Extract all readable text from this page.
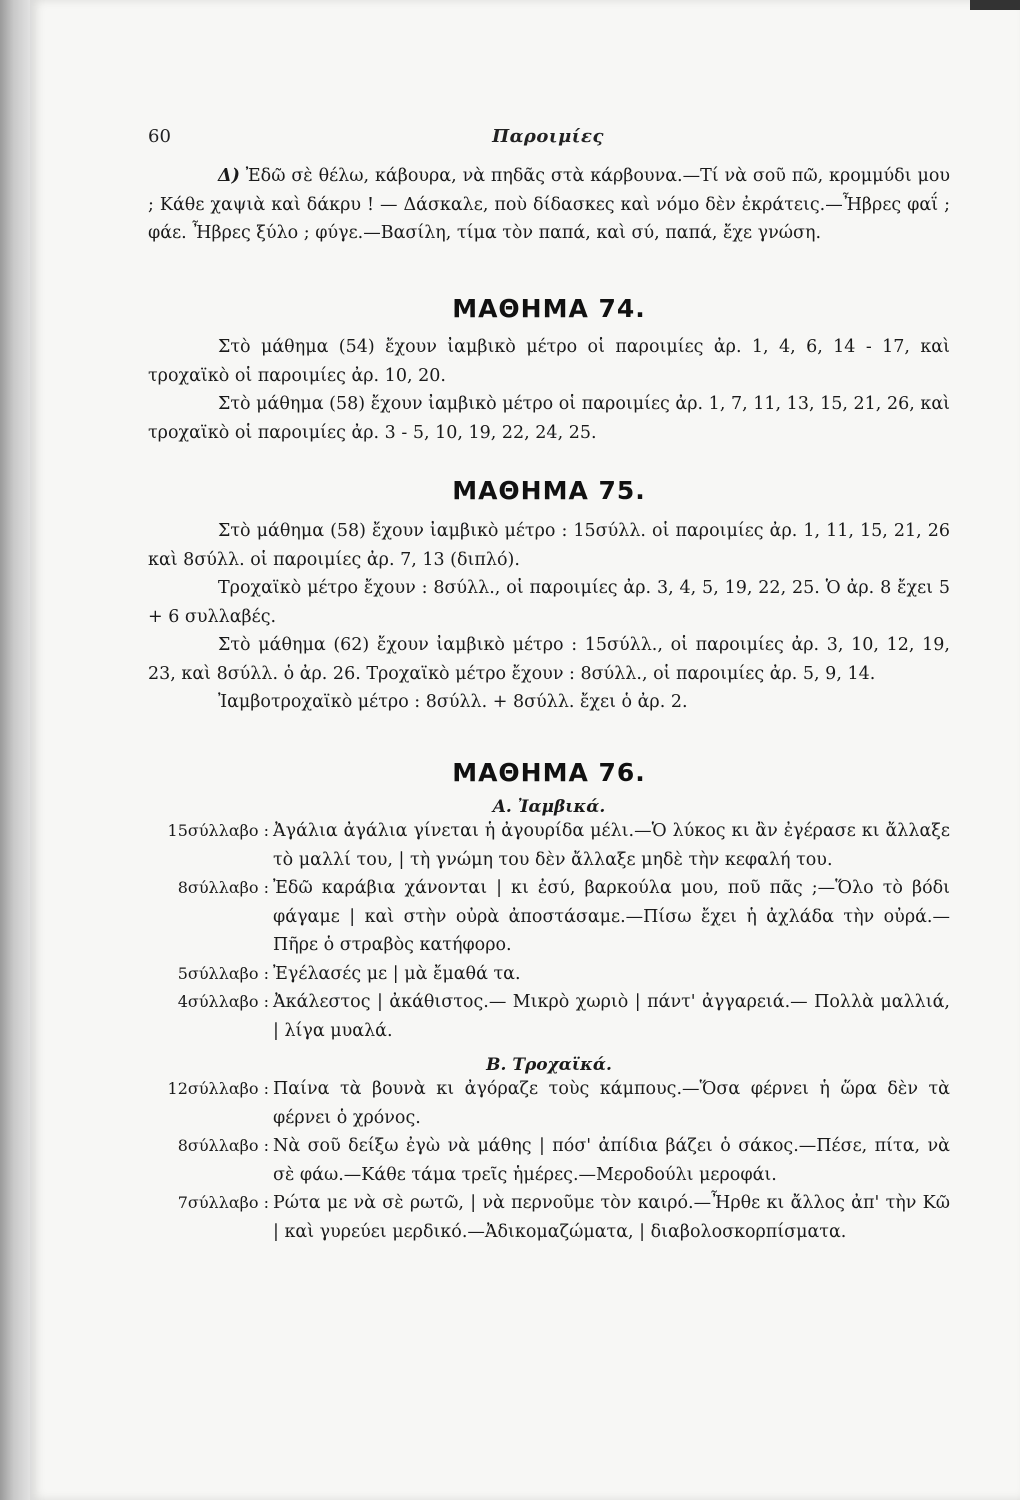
60	Παροιμίες

Δ) Ἐδῶ σὲ θέλω, κάβουρα, νὰ πηδᾶς στὰ κάρβουνα.—Τί νὰ σοῦ πῶ, κρομμύδι μου ; Κάθε χαψιὰ καὶ δάκρυ ! — Δάσκαλε, ποὺ δίδασκες καὶ νόμο δὲν ἐκράτεις.—Ἦβρες φαΐ ; φάε. Ἦβρες ξύλο ; φύγε.—Βασίλη, τίμα τὸν παπά, καὶ σύ, παπά, ἔχε γνώση.

ΜΑΘΗΜΑ 74.

Στὸ μάθημα (54) ἔχουν ἰαμβικὸ μέτρο οἱ παροιμίες ἀρ. 1, 4, 6, 14 - 17, καὶ τροχαϊκὸ οἱ παροιμίες ἀρ. 10, 20.

Στὸ μάθημα (58) ἔχουν ἰαμβικὸ μέτρο οἱ παροιμίες ἀρ. 1, 7, 11, 13, 15, 21, 26, καὶ τροχαϊκὸ οἱ παροιμίες ἀρ. 3 - 5, 10, 19, 22, 24, 25.

ΜΑΘΗΜΑ 75.

Στὸ μάθημα (58) ἔχουν ἰαμβικὸ μέτρο : 15σύλλ. οἱ παροιμίες ἀρ. 1, 11, 15, 21, 26 καὶ 8σύλλ. οἱ παροιμίες ἀρ. 7, 13 (διπλό).

Τροχαϊκὸ μέτρο ἔχουν : 8σύλλ., οἱ παροιμίες ἀρ. 3, 4, 5, 19, 22, 25. Ὁ ἀρ. 8 ἔχει 5 + 6 συλλαβές.

Στὸ μάθημα (62) ἔχουν ἰαμβικὸ μέτρο : 15σύλλ., οἱ παροιμίες ἀρ. 3, 10, 12, 19, 23, καὶ 8σύλλ. ὁ ἀρ. 26. Τροχαϊκὸ μέτρο ἔχουν : 8σύλλ., οἱ παροιμίες ἀρ. 5, 9, 14.

Ἰαμβοτροχαϊκὸ μέτρο : 8σύλλ. + 8σύλλ. ἔχει ὁ ἀρ. 2.

ΜΑΘΗΜΑ 76.

Α. Ἰαμβικά.

15σύλλαβο : Ἀγάλια ἀγάλια γίνεται ἡ ἀγουρίδα μέλι.—Ὁ λύκος κι ἂν ἐγέρασε κι ἄλλαξε τὸ μαλλί του, | τὴ γνώμη του δὲν ἄλλαξε μηδὲ τὴν κεφαλή του.
8σύλλαβο : Ἐδῶ καράβια χάνονται | κι ἐσύ, βαρκούλα μου, ποῦ πᾶς ;—Ὅλο τὸ βόδι φάγαμε | καὶ στὴν οὐρὰ ἀποστάσαμε.—Πίσω ἔχει ἡ ἀχλάδα τὴν οὐρά.—Πῆρε ὁ στραβὸς κατήφορο.
5σύλλαβο : Ἐγέλασές με | μὰ ἔμαθά τα.
4σύλλαβο : Ἀκάλεστος | ἀκάθιστος.— Μικρὸ χωριὸ | πάντ' ἀγγαρειά.— Πολλὰ μαλλιά, | λίγα μυαλά.

Β. Τροχαϊκά.

12σύλλαβο : Παίνα τὰ βουνὰ κι ἀγόραζε τοὺς κάμπους.—Ὅσα φέρνει ἡ ὥρα δὲν τὰ φέρνει ὁ χρόνος.
8σύλλαβο : Νὰ σοῦ δείξω ἐγὼ νὰ μάθης | πόσ' ἀπίδια βάζει ὁ σάκος.—Πέσε, πίτα, νὰ σὲ φάω.—Κάθε τάμα τρεῖς ἡμέρες.—Μεροδούλι μεροφάι.
7σύλλαβο : Ρώτα με νὰ σὲ ρωτῶ, | νὰ περνοῦμε τὸν καιρό.—Ἦρθε κι ἄλλος ἀπ' τὴν Κῶ | καὶ γυρεύει μερδικό.—Ἀδικομαζώματα, | διαβολοσκορπίσματα.
